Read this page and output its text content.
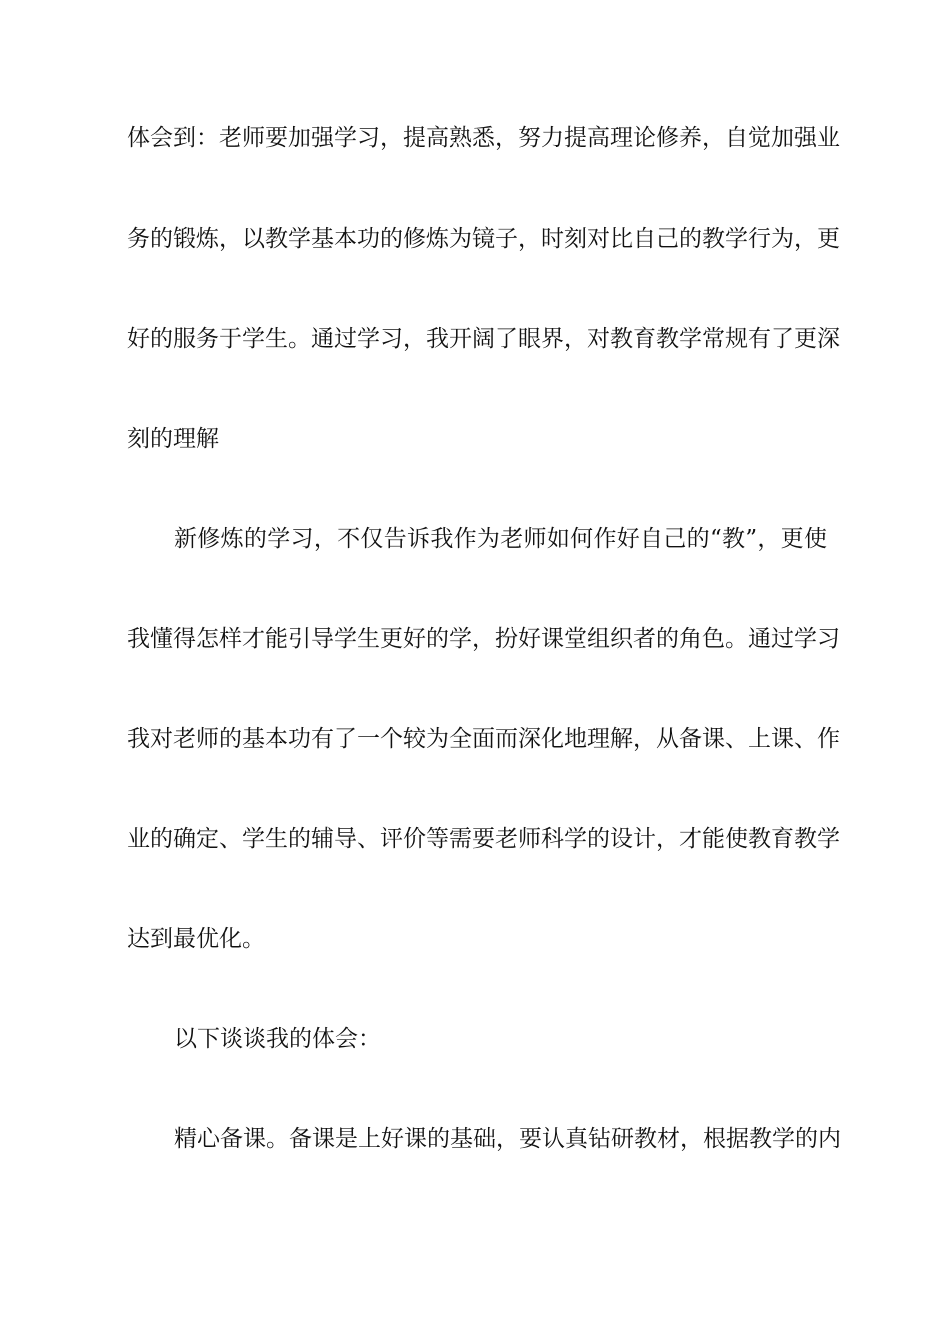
体会到：老师要加强学习，提高熟悉，努力提高理论修养，自觉加强业
务的锻炼，以教学基本功的修炼为镜子，时刻对比自己的教学行为，更
好的服务于学生。通过学习，我开阔了眼界，对教育教学常规有了更深
刻的理解
新修炼的学习，不仅告诉我作为老师如何作好自己的“教”，更使
我懂得怎样才能引导学生更好的学，扮好课堂组织者的角色。通过学习
我对老师的基本功有了一个较为全面而深化地理解，从备课、上课、作
业的确定、学生的辅导、评价等需要老师科学的设计，才能使教育教学
达到最优化。
以下谈谈我的体会：
精心备课。备课是上好课的基础，要认真钻研教材，根据教学的内
